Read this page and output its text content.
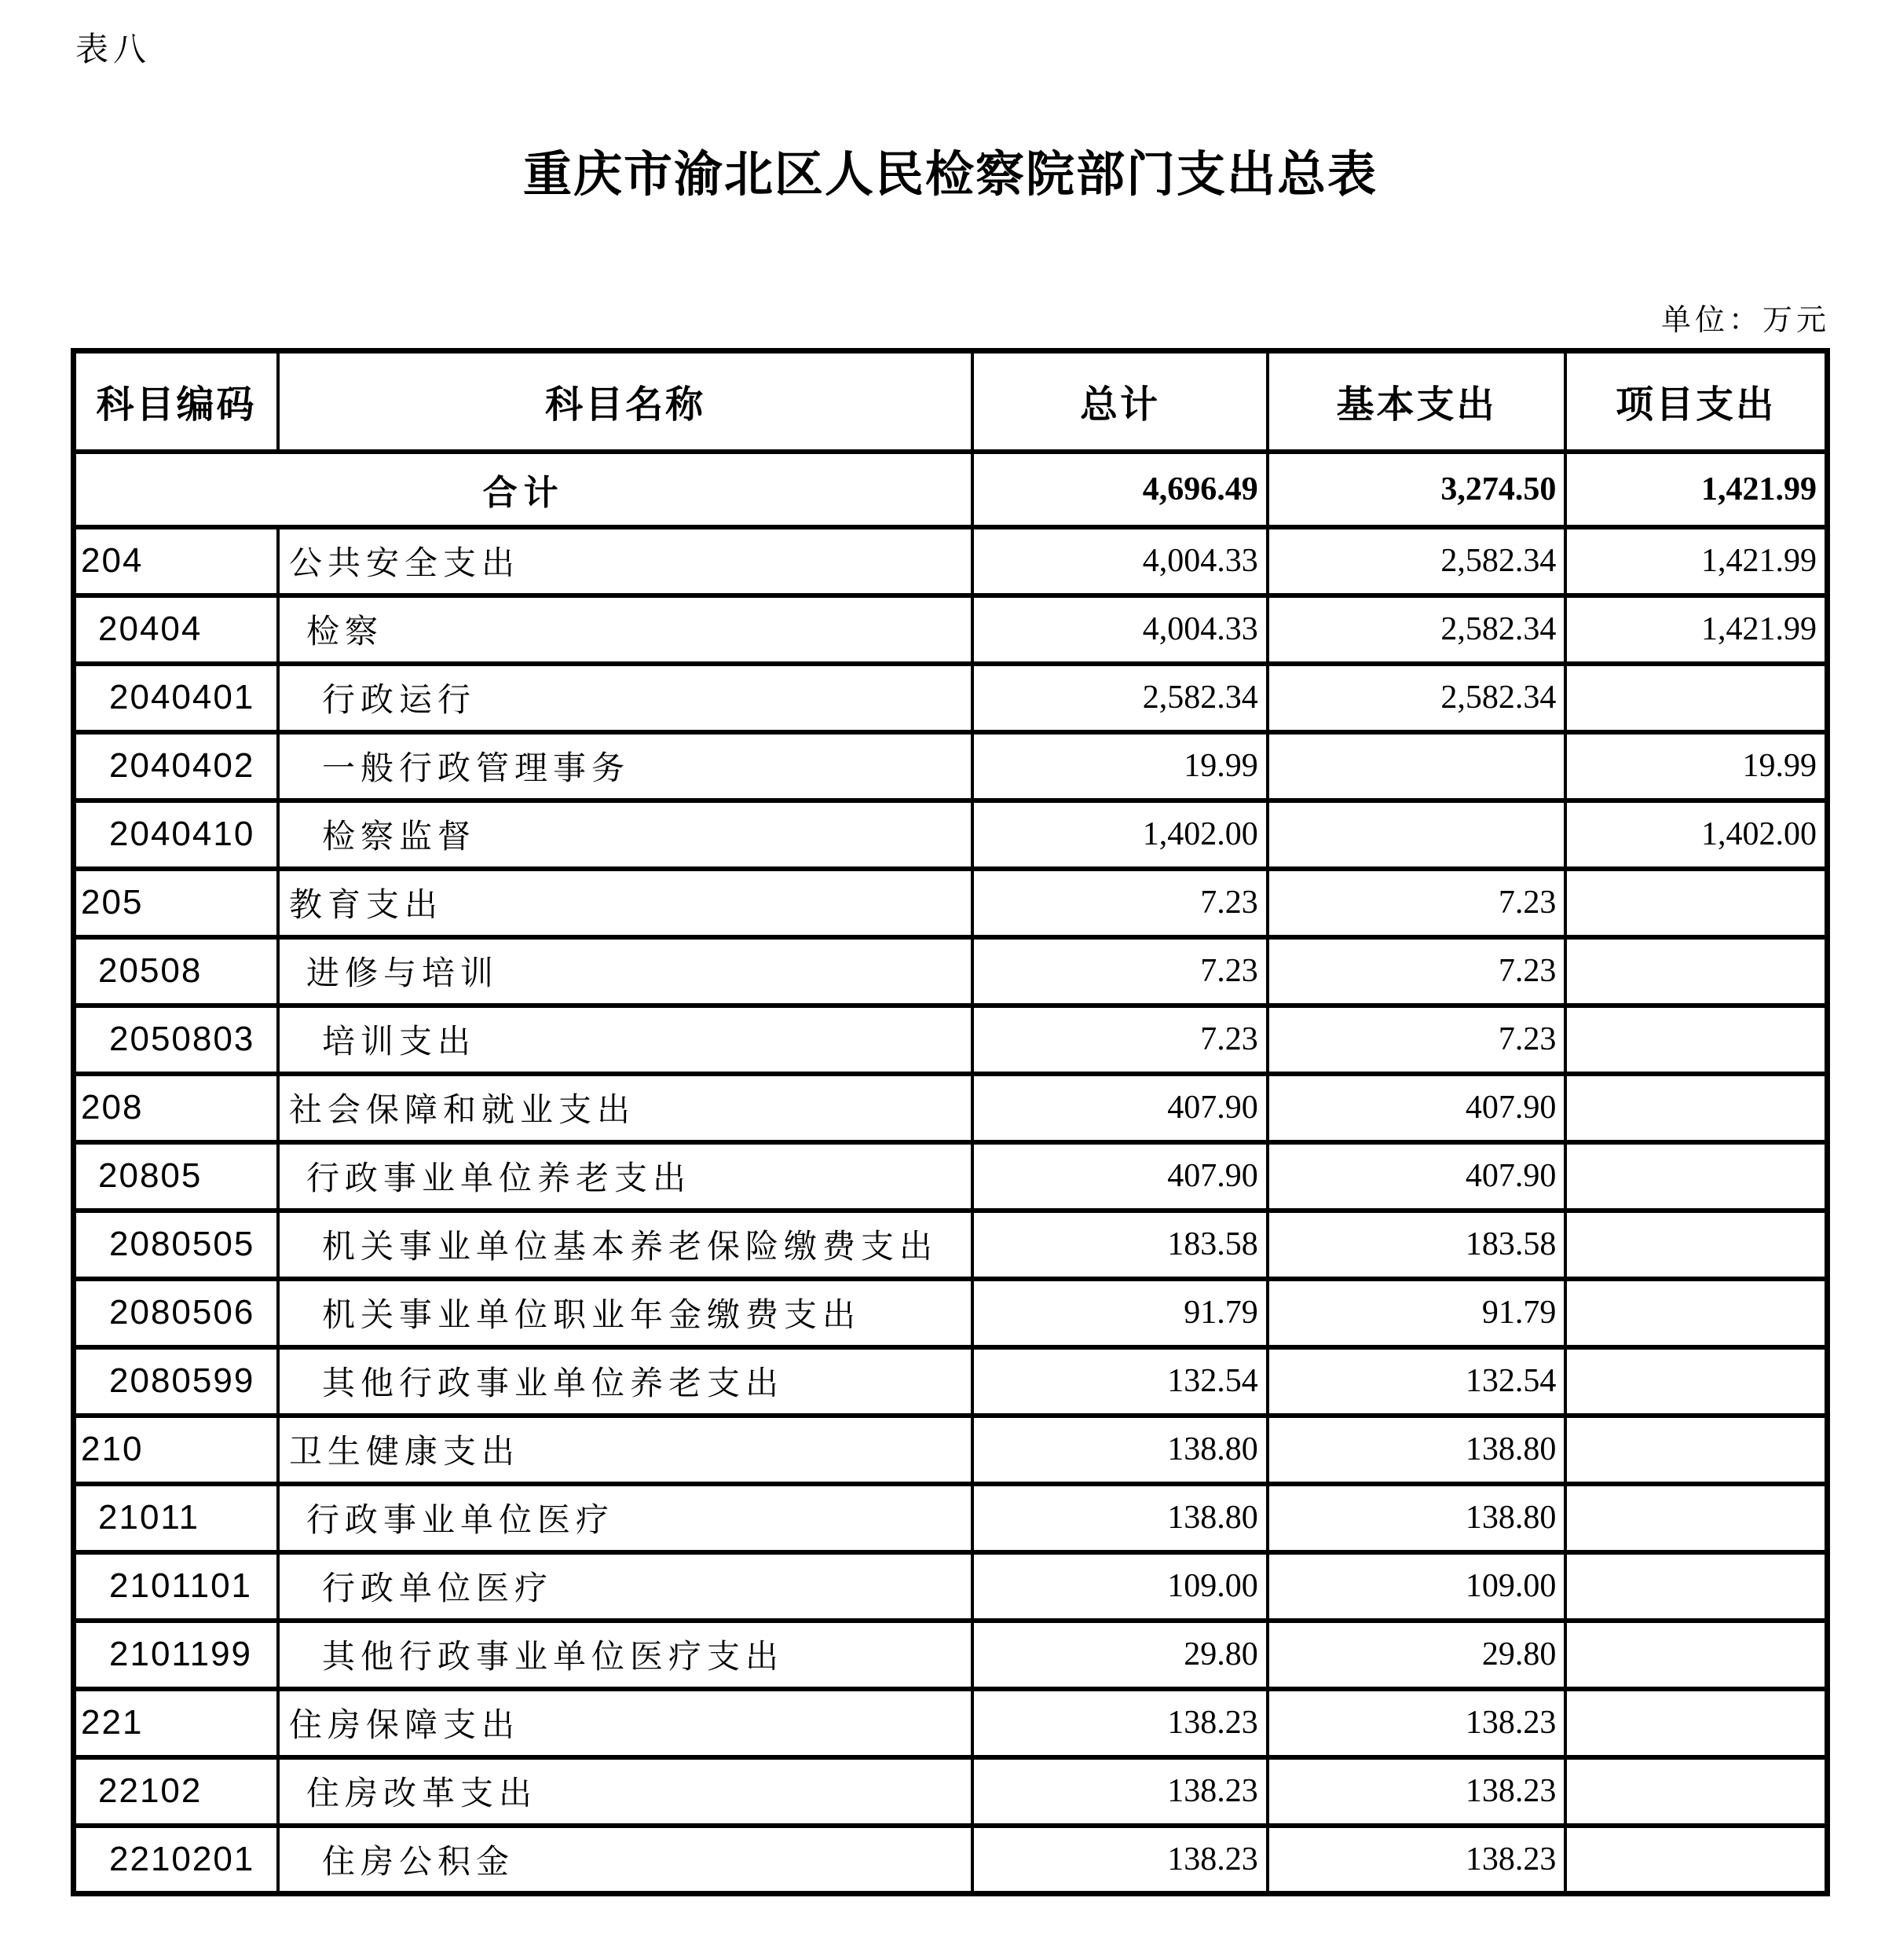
表八
重庆市渝北区人民检察院部门支出总表
单位：万元
科目编码	科目名称	总计	基本支出	项目支出
合计		4,696.49	3,274.50	1,421.99
204	公共安全支出	4,004.33	2,582.34	1,421.99
20404	检察	4,004.33	2,582.34	1,421.99
2040401	行政运行	2,582.34	2,582.34	
2040402	一般行政管理事务	19.99		19.99
2040410	检察监督	1,402.00		1,402.00
205	教育支出	7.23	7.23	
20508	进修与培训	7.23	7.23	
2050803	培训支出	7.23	7.23	
208	社会保障和就业支出	407.90	407.90	
20805	行政事业单位养老支出	407.90	407.90	
2080505	机关事业单位基本养老保险缴费支出	183.58	183.58	
2080506	机关事业单位职业年金缴费支出	91.79	91.79	
2080599	其他行政事业单位养老支出	132.54	132.54	
210	卫生健康支出	138.80	138.80	
21011	行政事业单位医疗	138.80	138.80	
2101101	行政单位医疗	109.00	109.00	
2101199	其他行政事业单位医疗支出	29.80	29.80	
221	住房保障支出	138.23	138.23	
22102	住房改革支出	138.23	138.23	
2210201	住房公积金	138.23	138.23	
